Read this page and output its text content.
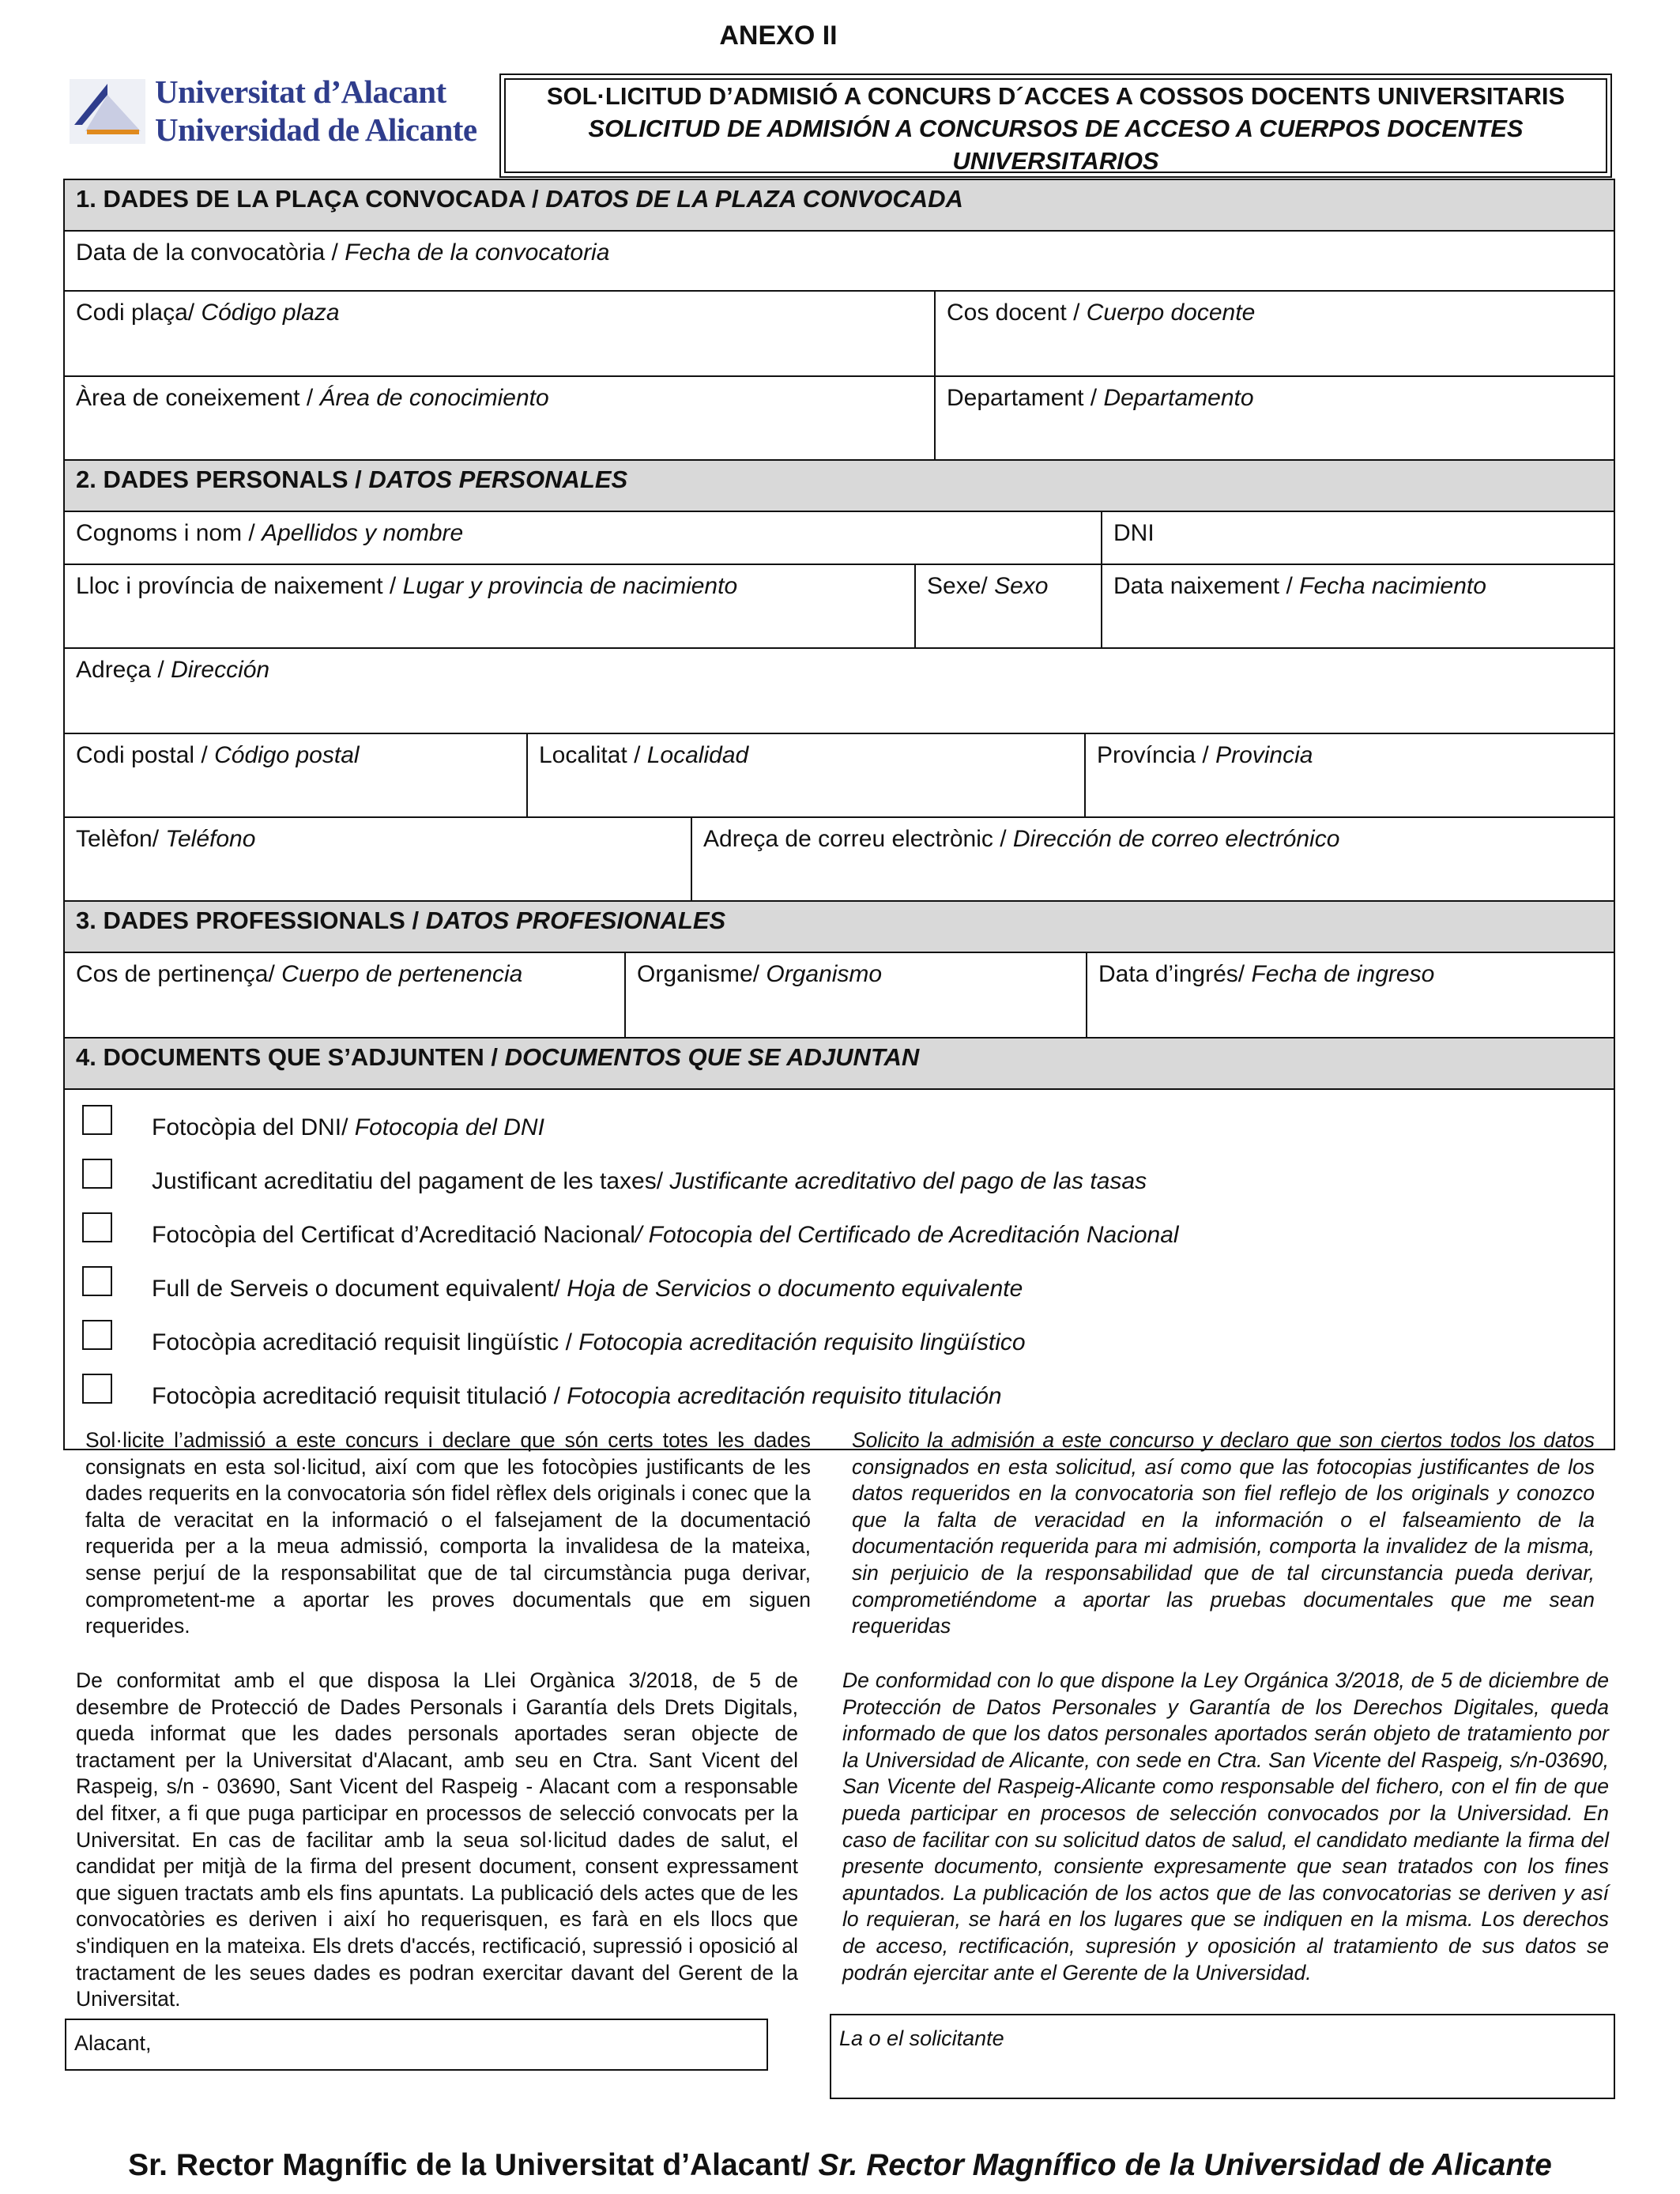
ANEXO II
Universitat d’Alacant
Universidad de Alicante
SOL·LICITUD D’ADMISIÓ A CONCURS D´ACCES A COSSOS DOCENTS UNIVERSITARIS
SOLICITUD DE ADMISIÓN A CONCURSOS DE ACCESO A CUERPOS DOCENTES UNIVERSITARIOS
1. DADES DE LA PLAÇA CONVOCADA / DATOS DE LA PLAZA CONVOCADA
Data de la convocatòria / Fecha de la convocatoria
Codi plaça/ Código plaza	Cos docent / Cuerpo docente
Àrea de coneixement / Área de conocimiento	Departament / Departamento
2. DADES PERSONALS / DATOS PERSONALES
Cognoms i nom / Apellidos y nombre	DNI
Lloc i província de naixement / Lugar y provincia de nacimiento	Sexe/ Sexo	Data naixement / Fecha nacimiento
Adreça / Dirección
Codi postal / Código postal	Localitat / Localidad	Província / Provincia
Telèfon/ Teléfono	Adreça de correu electrònic / Dirección de correo electrónico
3. DADES PROFESSIONALS / DATOS PROFESIONALES
Cos de pertinença/ Cuerpo de pertenencia	Organisme/ Organismo	Data d’ingrés/ Fecha de ingreso
4. DOCUMENTS QUE S’ADJUNTEN / DOCUMENTOS QUE SE ADJUNTAN
Fotocòpia del DNI/ Fotocopia del DNI
Justificant acreditatiu del pagament de les taxes/ Justificante acreditativo del pago de las tasas
Fotocòpia del Certificat d’Acreditació Nacional/ Fotocopia del Certificado de Acreditación Nacional
Full de Serveis o document equivalent/ Hoja de Servicios o documento equivalente
Fotocòpia acreditació requisit lingüístic / Fotocopia acreditación requisito lingüístico
Fotocòpia acreditació requisit titulació / Fotocopia acreditación requisito titulación
Sol·licite l’admissió a este concurs i declare que són certs totes les dades consignats en esta sol·licitud, així com que les fotocòpies justificants de les dades requerits en la convocatoria són fidel rèflex dels originals i conec que la falta de veracitat en la informació o el falsejament de la documentació requerida per a la meua admissió, comporta la invalidesa de la mateixa, sense perjuí de la responsabilitat que de tal circumstància puga derivar, comprometent-me a aportar les proves documentals que em siguen requerides.
Solicito la admisión a este concurso y declaro que son ciertos todos los datos consignados en esta solicitud, así como que las fotocopias justificantes de los datos requeridos en la convocatoria son fiel reflejo de los originals y conozco que la falta de veracidad en la información o el falseamiento de la documentación requerida para mi admisión, comporta la invalidez de la misma, sin perjuicio de la responsabilidad que de tal circunstancia pueda derivar, comprometiéndome a aportar las pruebas documentales que me sean requeridas
De conformitat amb el que disposa la Llei Orgànica 3/2018, de 5 de desembre de Protecció de Dades Personals i Garantía dels Drets Digitals, queda informat que les dades personals aportades seran objecte de tractament per la Universitat d'Alacant, amb seu en Ctra. Sant Vicent del Raspeig, s/n - 03690, Sant Vicent del Raspeig - Alacant com a responsable del fitxer, a fi que puga participar en processos de selecció convocats per la Universitat. En cas de facilitar amb la seua sol·licitud dades de salut, el candidat per mitjà de la firma del present document, consent expressament que siguen tractats amb els fins apuntats. La publicació dels actes que de les convocatòries es deriven i així ho requerisquen, es farà en els llocs que s'indiquen en la mateixa. Els drets d'accés, rectificació, supressió i oposició al tractament de les seues dades es podran exercitar davant del Gerent de la Universitat.
De conformidad con lo que dispone la Ley Orgánica 3/2018, de 5 de diciembre de Protección de Datos Personales y Garantía de los Derechos Digitales, queda informado de que los datos personales aportados serán objeto de tratamiento por la Universidad de Alicante, con sede en Ctra. San Vicente del Raspeig, s/n-03690, San Vicente del Raspeig-Alicante como responsable del fichero, con el fin de que pueda participar en procesos de selección convocados por la Universidad. En caso de facilitar con su solicitud datos de salud, el candidato mediante la firma del presente documento, consiente expresamente que sean tratados con los fines apuntados. La publicación de los actos que de las convocatorias se deriven y así lo requieran, se hará en los lugares que se indiquen en la misma. Los derechos de acceso, rectificación, supresión y oposición al tratamiento de sus datos se podrán ejercitar ante el Gerente de la Universidad.
Alacant,	La o el solicitante
Sr. Rector Magnífic de la Universitat d’Alacant/ Sr. Rector Magnífico de la Universidad de Alicante
